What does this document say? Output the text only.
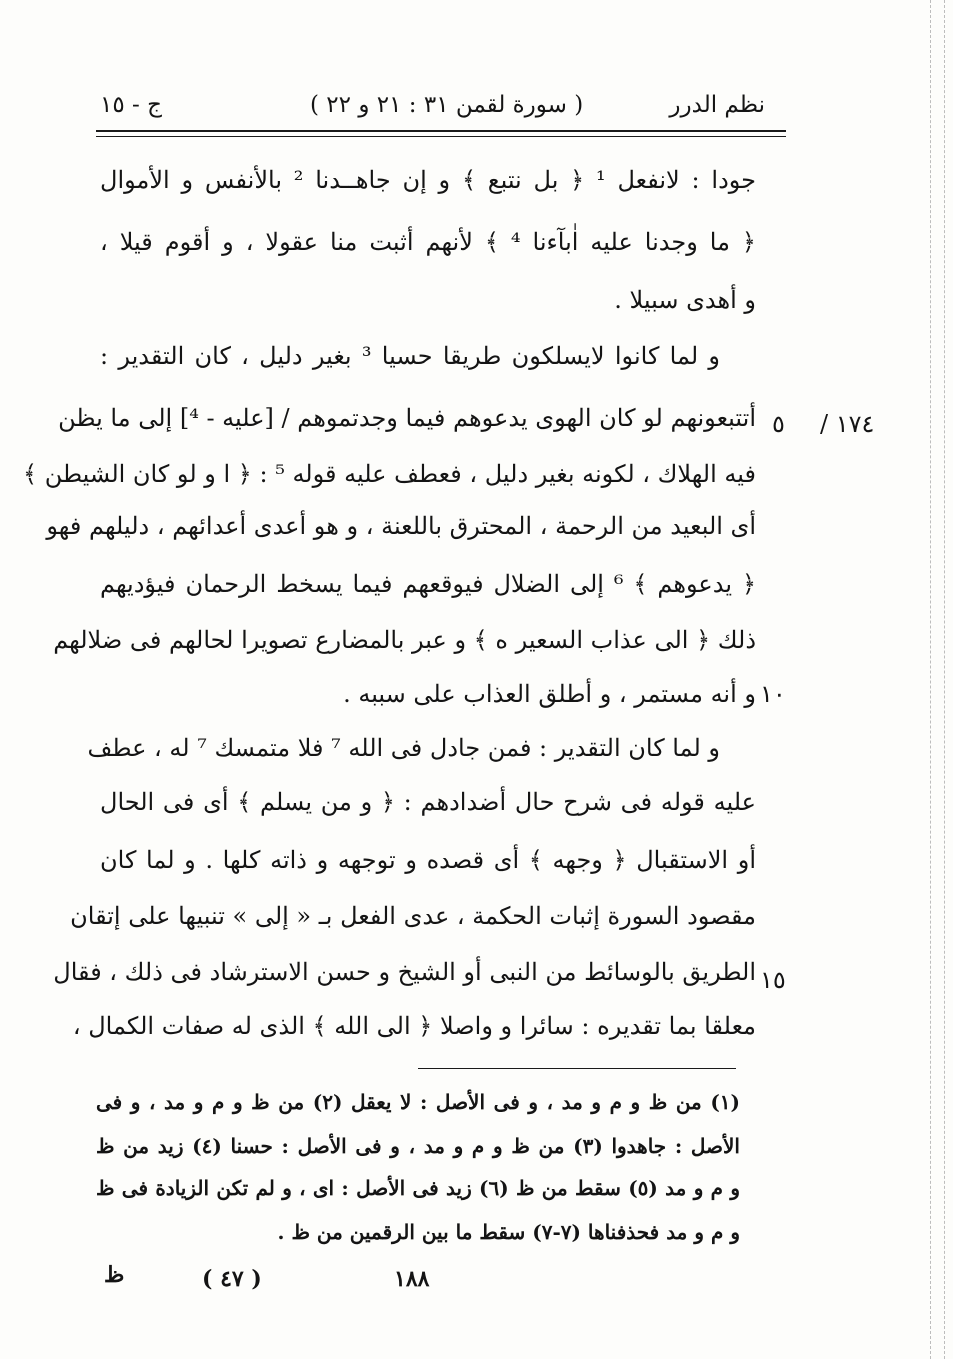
ج - ١٥	( سورة لقمن ٣١ : ٢١ و ٢٢ )	نظم الدرر
١٧٤ /
٥
١٠
١٥
جودا : لانفعل ¹ ﴿ بل نتبع ﴾ و إن جاهــدنا ² بالأنفس و الأموال
﴿ ما وجدنا عليه اٰبآءنا ⁴ ﴾ لأنهم أثبت منا عقولا ، و أقوم قيلا ،
و أهدى سبيلا .
و لما كانوا لايسلكون طريقا حسيا ³ بغير دليل ، كان التقدير :
أتتبعونهم لو كان الهوى يدعوهم فيما وجدتموهم / [عليه - ⁴] إلى ما يظن
فيه الهلاك ، لكونه بغير دليل ، فعطف عليه قوله ⁵ : ﴿ ا و لو كان الشيطن ﴾
أى البعيد من الرحمة ، المحترق باللعنة ، و هو أعدى أعدائهم ، دليلهم فهو
﴿ يدعوهم ﴾ ⁶ إلى الضلال فيوقعهم فيما يسخط الرحمان فيؤديهم
ذلك ﴿ الى عذاب السعير ه ﴾ و عبر بالمضارع تصويرا لحالهم فى ضلالهم
و أنه مستمر ، و أطلق العذاب على سببه .
و لما كان التقدير : فمن جادل فى الله ⁷ فلا متمسك ⁷ له ، عطف
عليه قوله فى شرح حال أضدادهم : ﴿ و من يسلم ﴾ أى فى الحال
أو الاستقبال ﴿ وجهه ﴾ أى قصده و توجهه و ذاته كلها . و لما كان
مقصود السورة إثبات الحكمة ، عدى الفعل بـ « إلى » تنبيها على إتقان
الطريق بالوسائط من النبى أو الشيخ و حسن الاسترشاد فى ذلك ، فقال
معلقا بما تقديره : سائرا و واصلا ﴿ الى الله ﴾ الذى له صفات الكمال ،
(١) من ظ و م و مد ، و فى الأصل : لا يعقل (٢) من ظ و م و مد ، و فى
الأصل : جاهدوا (٣) من ظ و م و مد ، و فى الأصل : حسنا (٤) زيد من ظ
و م و مد (٥) سقط من ظ (٦) زيد فى الأصل : اى ، و لم تكن الزيادة فى ظ
و م و مد فحذفناها (٧-٧) سقط ما بين الرقمين من ظ .
ظ	( ٤٧ )	١٨٨
